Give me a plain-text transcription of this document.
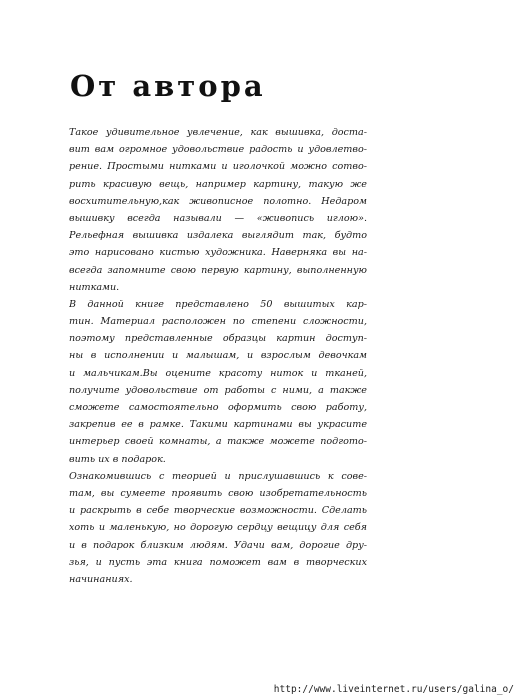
От автора
Такое удивительное увлечение, как вышивка, доста-
вит вам огромное удовольствие радость и удовлетво-
рение. Простыми нитками и иголочкой можно сотво-
рить красивую вещь, например картину, такую же
восхитительную,как живописное полотно. Недаром
вышивку всегда называли — «живопись иглою».
Рельефная вышивка издалека выглядит так, будто
это нарисовано кистью художника. Наверняка вы на-
всегда запомните свою первую картину, выполненную
нитками.
В данной книге представлено 50 вышитых кар-
тин. Материал расположен по степени сложности,
поэтому представленные образцы картин доступ-
ны в исполнении и малышам, и взрослым девочкам
и мальчикам.Вы оцените красоту ниток и тканей,
получите удовольствие от работы с ними, а также
сможете самостоятельно оформить свою работу,
закрепив ее в рамке. Такими картинами вы украсите
интерьер своей комнаты, а также можете подгото-
вить их в подарок.
Ознакомившись с теорией и прислушавшись к сове-
там, вы сумеете проявить свою изобретательность
и раскрыть в себе творческие возможности. Сделать
хоть и маленькую, но дорогую сердцу вещицу для себя
и в подарок близким людям. Удачи вам, дорогие дру-
зья, и пусть эта книга поможет вам в творческих
начинаниях.
http://www.liveinternet.ru/users/galina_o/
